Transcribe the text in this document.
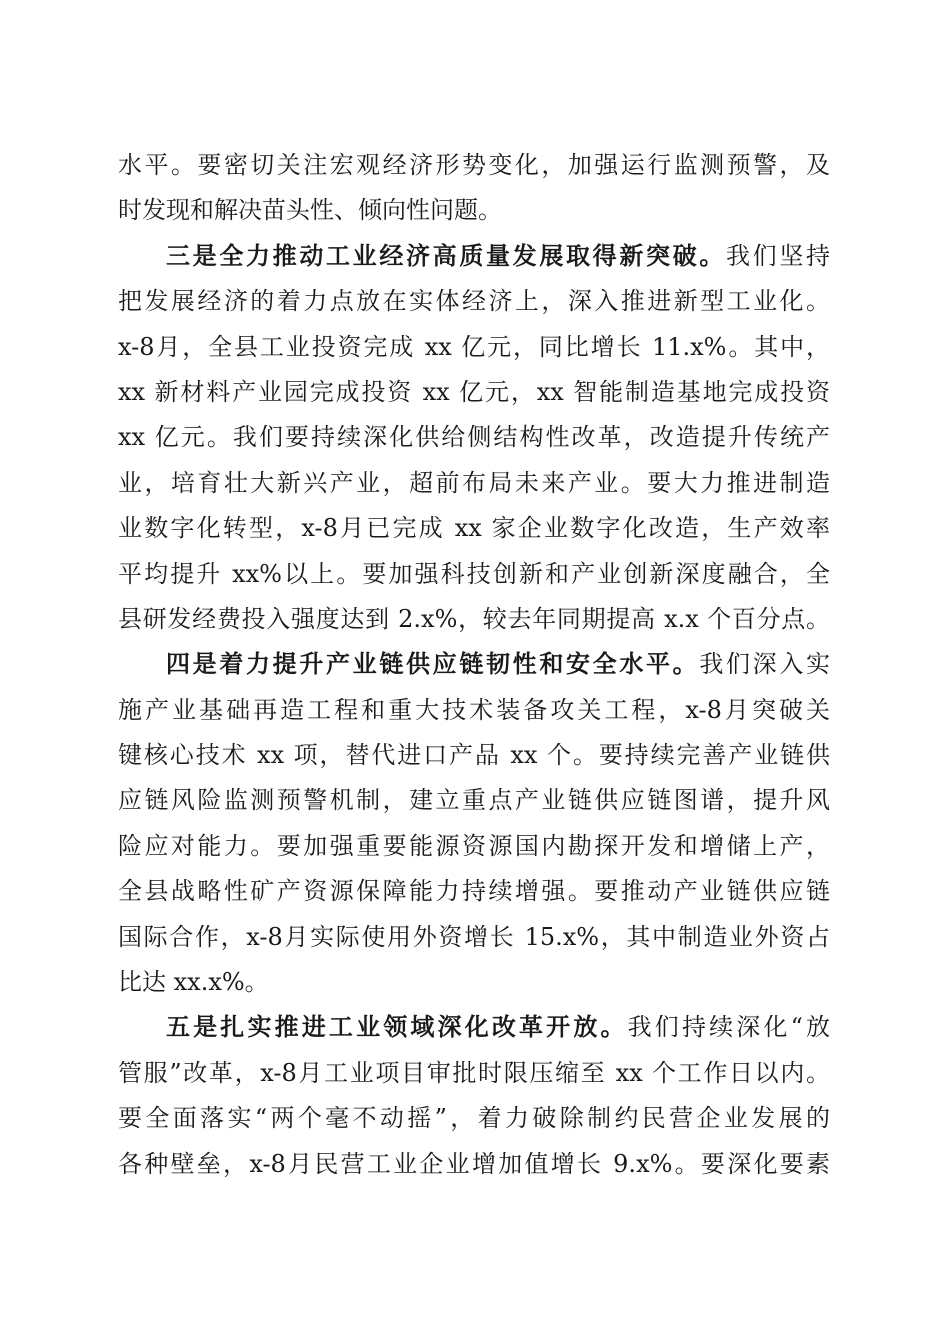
水平。要密切关注宏观经济形势变化，加强运行监测预警，及
时发现和解决苗头性、倾向性问题。
三是全力推动工业经济高质量发展取得新突破。我们坚持
把发展经济的着力点放在实体经济上，深入推进新型工业化。
x-8月，全县工业投资完成 xx 亿元，同比增长 11.x%。其中，
xx 新材料产业园完成投资 xx 亿元，xx 智能制造基地完成投资
xx 亿元。我们要持续深化供给侧结构性改革，改造提升传统产
业，培育壮大新兴产业，超前布局未来产业。要大力推进制造
业数字化转型，x-8月已完成 xx 家企业数字化改造，生产效率
平均提升 xx%以上。要加强科技创新和产业创新深度融合，全
县研发经费投入强度达到 2.x%，较去年同期提高 x.x 个百分点。
四是着力提升产业链供应链韧性和安全水平。我们深入实
施产业基础再造工程和重大技术装备攻关工程，x-8月突破关
键核心技术 xx 项，替代进口产品 xx 个。要持续完善产业链供
应链风险监测预警机制，建立重点产业链供应链图谱，提升风
险应对能力。要加强重要能源资源国内勘探开发和增储上产，
全县战略性矿产资源保障能力持续增强。要推动产业链供应链
国际合作，x-8月实际使用外资增长 15.x%，其中制造业外资占
比达 xx.x%。
五是扎实推进工业领域深化改革开放。我们持续深化“放
管服”改革，x-8月工业项目审批时限压缩至 xx 个工作日以内。
要全面落实“两个毫不动摇”，着力破除制约民营企业发展的
各种壁垒，x-8月民营工业企业增加值增长 9.x%。要深化要素
